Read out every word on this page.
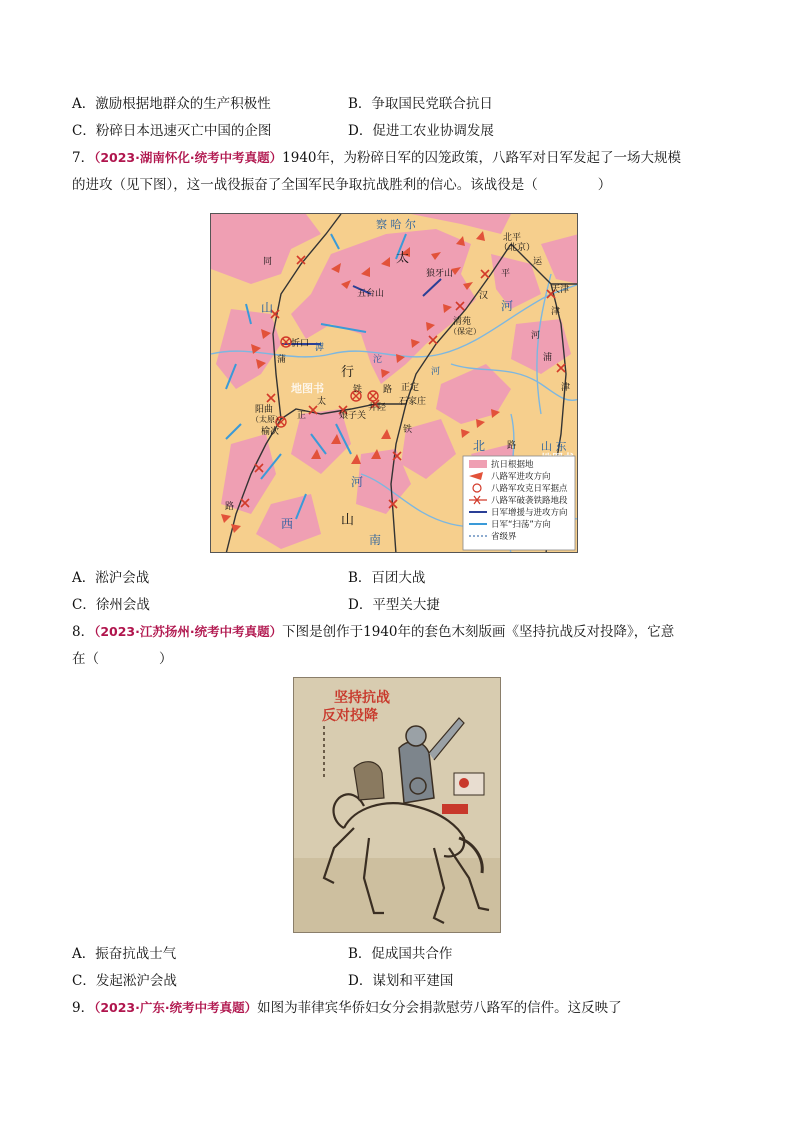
A．激励根据地群众的生产积极性	B．争取国民党联合抗日
C．粉碎日本迅速灭亡中国的企图	D．促进工农业协调发展
7．（2023·湖南怀化·统考中考真题）1940年，为粉碎日军的囚笼政策，八路军对日军发起了一场大规模
的进攻（见下图），这一战役振奋了全国军民争取抗战胜利的信心。该战役是（	）
察 哈 尔
北平
（北京）
天津
五台山
狼牙山
清苑
（保定）
忻口
阳曲
（太原）
榆次
娘子关
井陉
正定
石家庄
太
行
山
河
北
山
西
河
南
山 东
平
汉
运
河
浦
津
同
蒲
正
太
铁 路
铁
滹
沱
河
路
津
路
地图书
抗日根据地
八路军进攻方向
八路军攻克日军据点
八路军破袭铁路地段
日军增援与进攻方向
日军“扫荡”方向
省级界
A．淞沪会战	B．百团大战
C．徐州会战	D．平型关大捷
8．（2023·江苏扬州·统考中考真题）下图是创作于1940年的套色木刻版画《坚持抗战反对投降》，它意
在（	）
坚持抗战
反对投降
A．振奋抗战士气	B．促成国共合作
C．发起淞沪会战	D．谋划和平建国
9．（2023·广东·统考中考真题）如图为菲律宾华侨妇女分会捐款慰劳八路军的信件。这反映了
